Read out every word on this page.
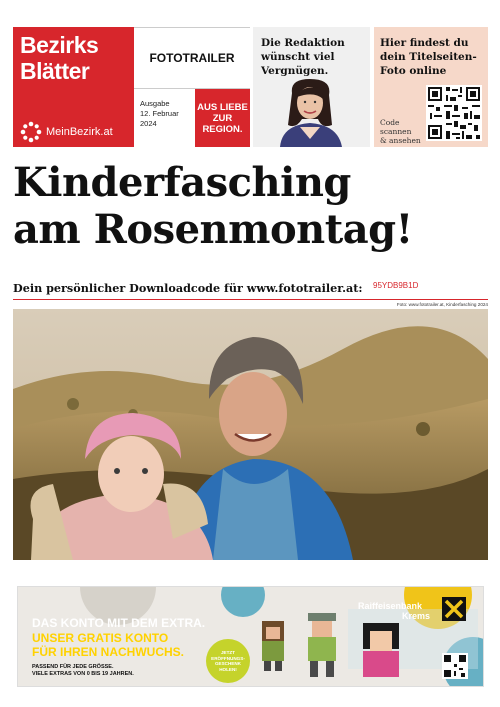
Bezirks
Blätter
MeinBezirk.at
FOTOTRAILER
Ausgabe
12. Februar
2024
AUS LIEBE
ZUR
REGION.
Die Redaktion
wünscht viel
Vergnügen.
Hier findest du
dein Titelseiten-
Foto online
Code
scannen
& ansehen
Kinderfasching
am Rosenmontag!
Dein persönlicher Downloadcode für www.fototrailer.at: 95YDB9B1D
Foto: www.fototrailer.at, Kinderfasching 2024
DAS KONTO MIT DEM EXTRA.
UNSER GRATIS KONTO
FÜR IHREN NACHWUCHS.
PASSEND FÜR JEDE GRÖSSE.
VIELE EXTRAS VON 0 BIS 19 JAHREN.
JETZT
ERÖFFNUNGS-
GESCHENK
HOLEN!
Raiffeisenbank
Krems
